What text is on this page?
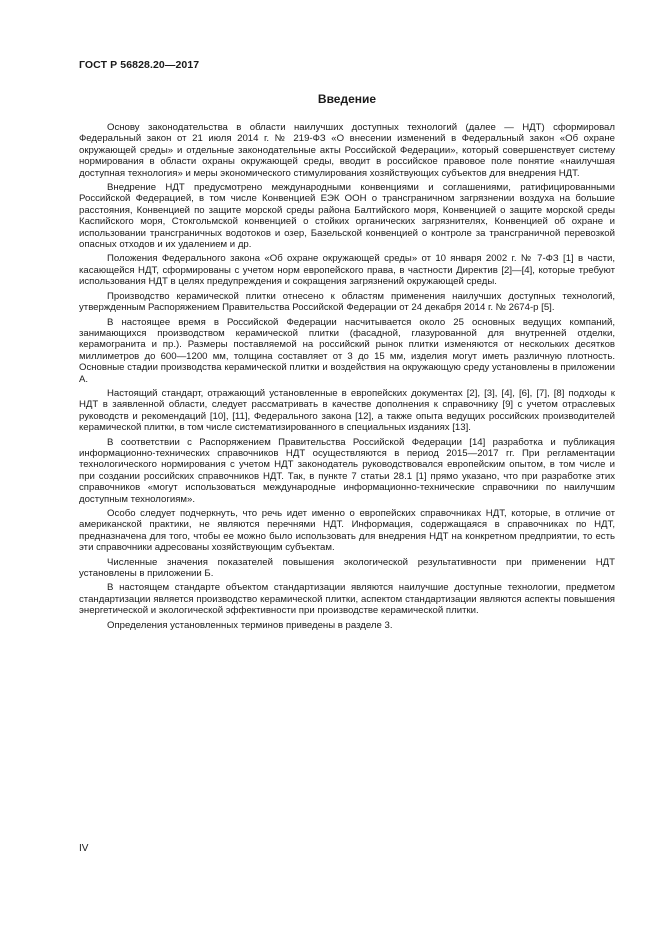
ГОСТ Р 56828.20—2017
Введение

Основу законодательства в области наилучших доступных технологий (далее — НДТ) сформировал Федеральный закон от 21 июля 2014 г. № 219-ФЗ «О внесении изменений в Федеральный закон «Об охране окружающей среды» и отдельные законодательные акты Российской Федерации», который совершенствует систему нормирования в области охраны окружающей среды, вводит в российское правовое поле понятие «наилучшая доступная технология» и меры экономического стимулирования хозяйствующих субъектов для внедрения НДТ.

Внедрение НДТ предусмотрено международными конвенциями и соглашениями, ратифицированными Российской Федерацией, в том числе Конвенцией ЕЭК ООН о трансграничном загрязнении воздуха на большие расстояния, Конвенцией по защите морской среды района Балтийского моря, Конвенцией о защите морской среды Каспийского моря, Стокгольмской конвенцией о стойких органических загрязнителях, Конвенцией об охране и использовании трансграничных водотоков и озер, Базельской конвенцией о контроле за трансграничной перевозкой опасных отходов и их удалением и др.

Положения Федерального закона «Об охране окружающей среды» от 10 января 2002 г. № 7-ФЗ [1] в части, касающейся НДТ, сформированы с учетом норм европейского права, в частности Директив [2]—[4], которые требуют использования НДТ в целях предупреждения и сокращения загрязнений окружающей среды.

Производство керамической плитки отнесено к областям применения наилучших доступных технологий, утвержденным Распоряжением Правительства Российской Федерации от 24 декабря 2014 г. № 2674-р [5].

В настоящее время в Российской Федерации насчитывается около 25 основных ведущих компаний, занимающихся производством керамической плитки (фасадной, глазурованной для внутренней отделки, керамогранита и пр.). Размеры поставляемой на российский рынок плитки изменяются от нескольких десятков миллиметров до 600—1200 мм, толщина составляет от 3 до 15 мм, изделия могут иметь различную плотность. Основные стадии производства керамической плитки и воздействия на окружающую среду установлены в приложении А.

Настоящий стандарт, отражающий установленные в европейских документах [2], [3], [4], [6], [7], [8] подходы к НДТ в заявленной области, следует рассматривать в качестве дополнения к справочнику [9] с учетом отраслевых руководств и рекомендаций [10], [11], Федерального закона [12], а также опыта ведущих российских производителей керамической плитки, в том числе систематизированного в специальных изданиях [13].

В соответствии с Распоряжением Правительства Российской Федерации [14] разработка и публикация информационно-технических справочников НДТ осуществляются в период 2015—2017 гг. При регламентации технологического нормирования с учетом НДТ законодатель руководствовался европейским опытом, в том числе и при создании российских справочников НДТ. Так, в пункте 7 статьи 28.1 [1] прямо указано, что при разработке этих справочников «могут использоваться международные информационно-технические справочники по наилучшим доступным технологиям».

Особо следует подчеркнуть, что речь идет именно о европейских справочниках НДТ, которые, в отличие от американской практики, не являются перечнями НДТ. Информация, содержащаяся в справочниках по НДТ, предназначена для того, чтобы ее можно было использовать для внедрения НДТ на конкретном предприятии, то есть эти справочники адресованы хозяйствующим субъектам.

Численные значения показателей повышения экологической результативности при применении НДТ установлены в приложении Б.

В настоящем стандарте объектом стандартизации являются наилучшие доступные технологии, предметом стандартизации является производство керамической плитки, аспектом стандартизации являются аспекты повышения энергетической и экологической эффективности при производстве керамической плитки.

Определения установленных терминов приведены в разделе 3.

IV
